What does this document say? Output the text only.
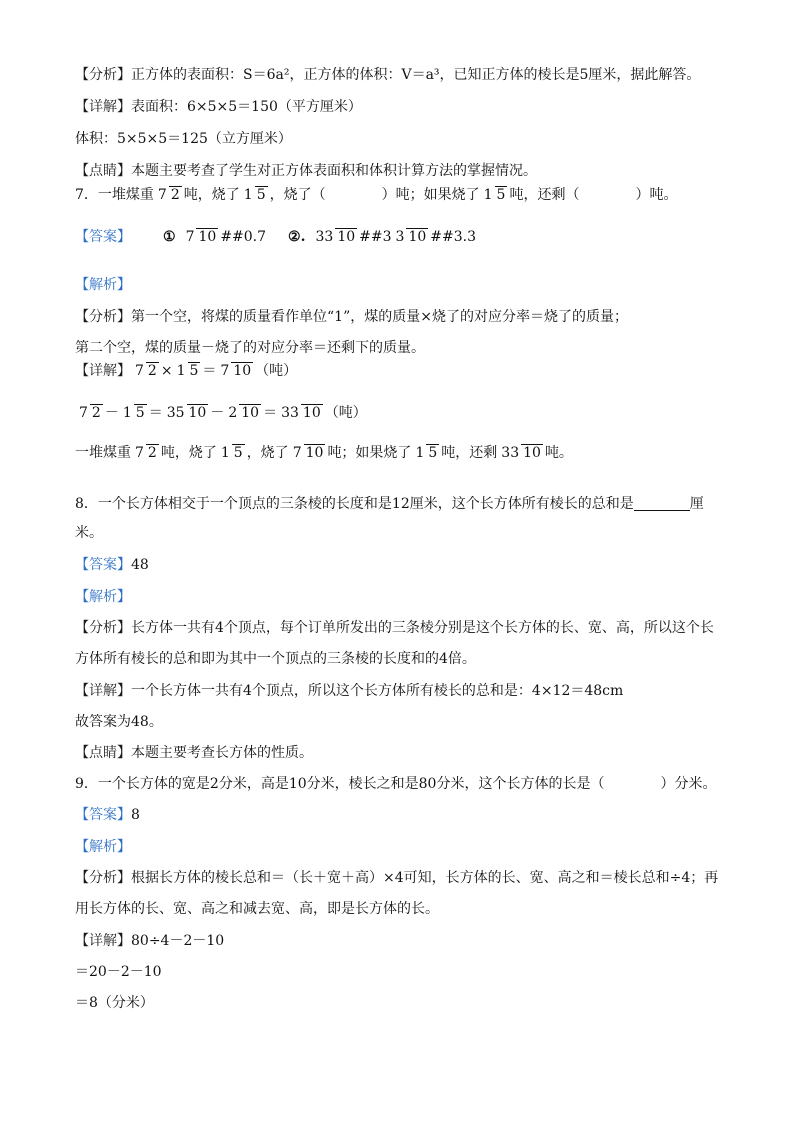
【分析】 正方体的表面积：S＝6a²，正方体的体积：V＝a³，已知正方体的棱长是5厘米，据此解答。
【详解】 表面积：6×5×5＝150（平方厘米）
体积：5×5×5＝125（立方厘米）
【点睛】 本题主要考查了学生对正方体表面积和体积计算方法的掌握情况。
7．一堆煤重 7 2 吨，烧了 1 5 ，烧了（	）吨；如果烧了 1 5 吨，还剩（	）吨。
【答案】 ① 7 10 ##0.7 ②. 33 10 ##3 3 10 ##3.3
【解析】
【分析】 第一个空，将煤的质量看作单位“1”，煤的质量×烧了的对应分率＝烧了的质量；
第二个空，煤的质量－烧了的对应分率＝还剩下的质量。
【详解】 7 2 × 1 5 ＝ 7 10 （吨）
7 2 － 1 5 ＝ 35 10 － 2 10 ＝ 33 10 （吨）
一堆煤重 7 2 吨，烧了 1 5 ，烧了 7 10 吨；如果烧了 1 5 吨，还剩 33 10 吨。
8．一个长方体相交于一个顶点的三条棱的长度和是12厘米，这个长方体所有棱长的总和是	厘
米。
【答案】 48
【解析】
【分析】 长方体一共有4个顶点，每个订单所发出的三条棱分别是这个长方体的长、宽、高，所以这个长
方体所有棱长的总和即为其中一个顶点的三条棱的长度和的4倍。
【详解】 一个长方体一共有4个顶点，所以这个长方体所有棱长的总和是：4×12＝48cm
故答案为48。
【点睛】 本题主要考查长方体的性质。
9．一个长方体的宽是2分米，高是10分米，棱长之和是80分米，这个长方体的长是（	）分米。
【答案】 8
【解析】
【分析】 根据长方体的棱长总和＝（长＋宽＋高）×4可知，长方体的长、宽、高之和＝棱长总和÷4；再
用长方体的长、宽、高之和减去宽、高，即是长方体的长。
【详解】 80÷4－2－10
＝20－2－10
＝8（分米）
